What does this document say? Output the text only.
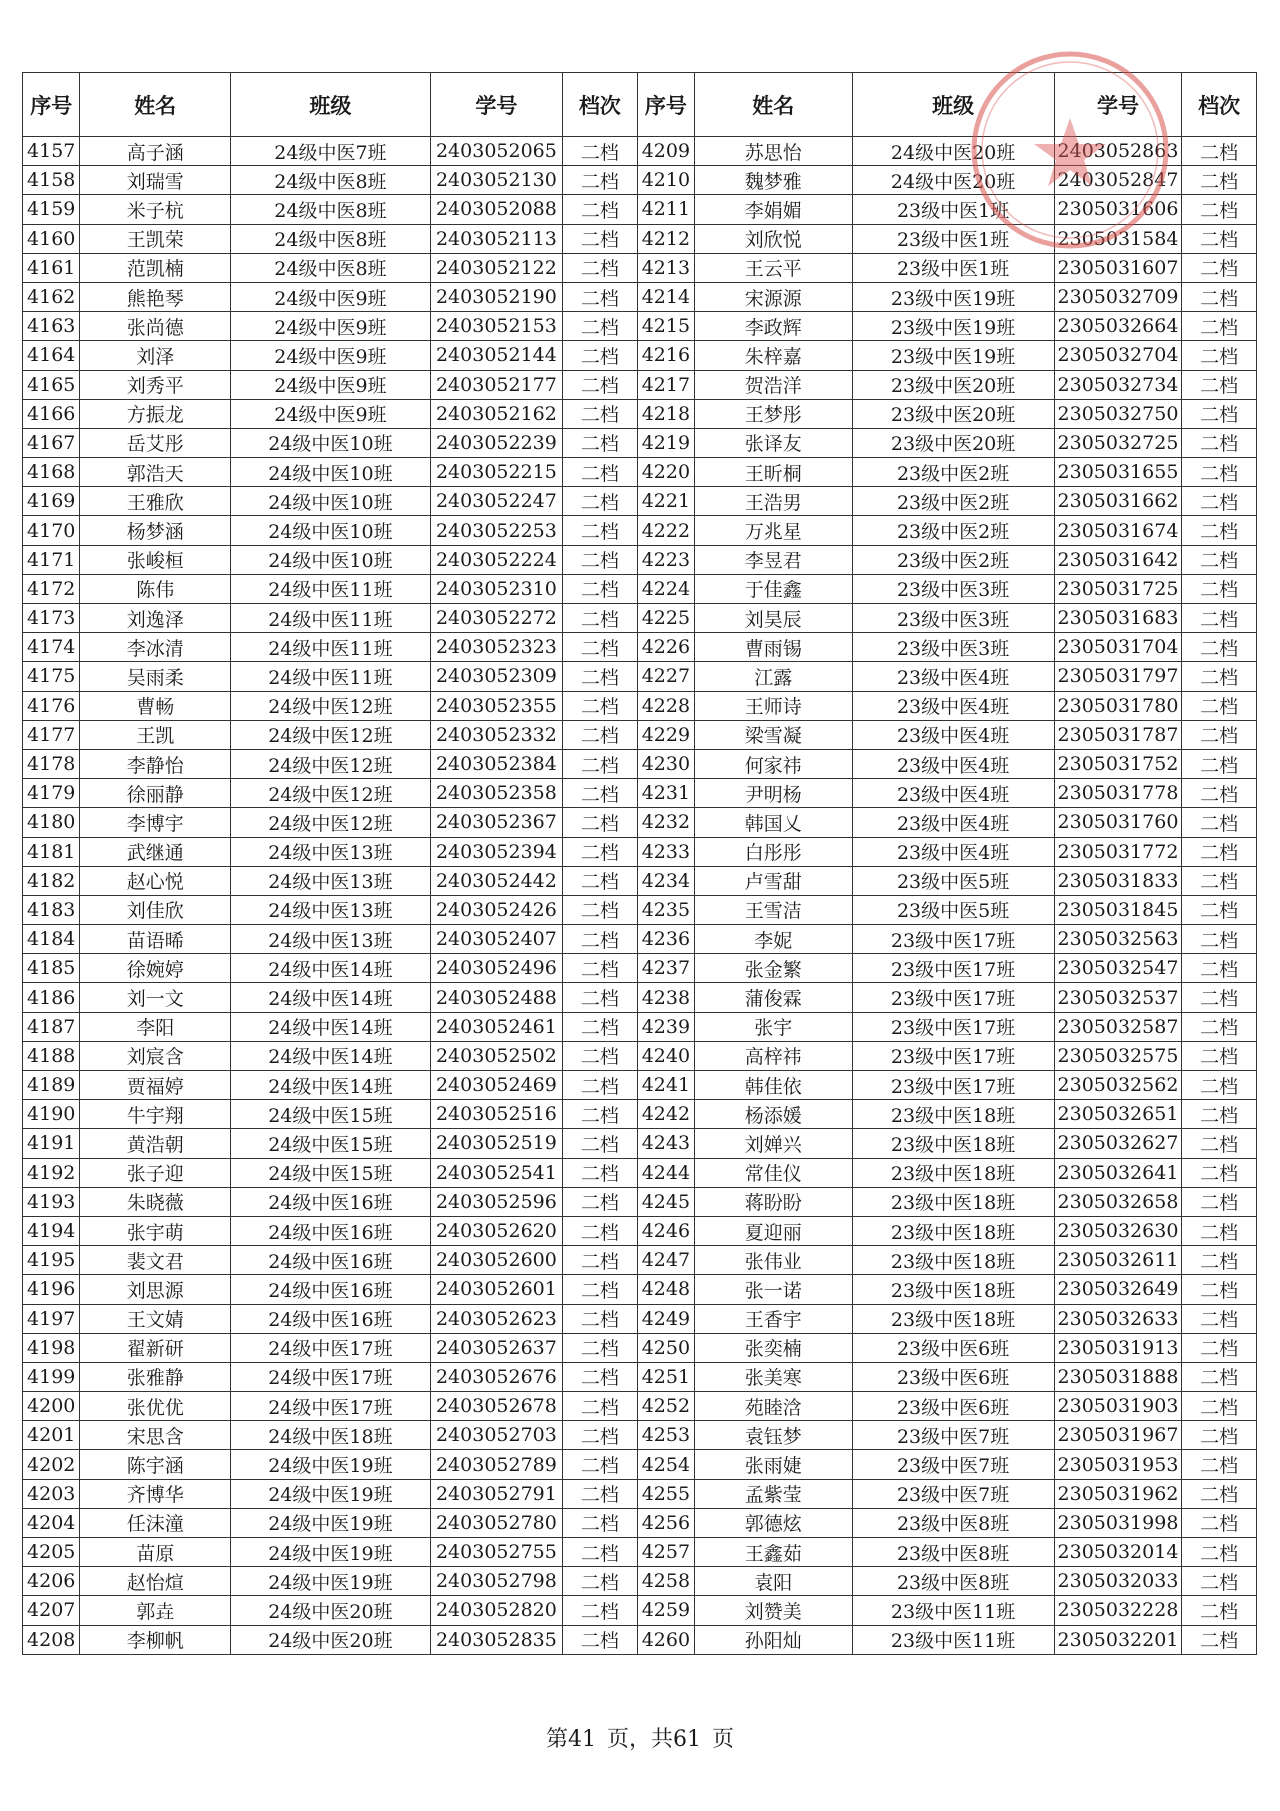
序号	姓名	班级	学号	档次	序号	姓名	班级	学号	档次
4157	高子涵	24级中医7班	2403052065	二档	4209	苏思怡	24级中医20班	2403052863	二档
4158	刘瑞雪	24级中医8班	2403052130	二档	4210	魏梦雅	24级中医20班	2403052847	二档
4159	米子杭	24级中医8班	2403052088	二档	4211	李娟媚	23级中医1班	2305031606	二档
4160	王凯荣	24级中医8班	2403052113	二档	4212	刘欣悦	23级中医1班	2305031584	二档
4161	范凯楠	24级中医8班	2403052122	二档	4213	王云平	23级中医1班	2305031607	二档
4162	熊艳琴	24级中医9班	2403052190	二档	4214	宋源源	23级中医19班	2305032709	二档
4163	张尚德	24级中医9班	2403052153	二档	4215	李政辉	23级中医19班	2305032664	二档
4164	刘泽	24级中医9班	2403052144	二档	4216	朱梓嘉	23级中医19班	2305032704	二档
4165	刘秀平	24级中医9班	2403052177	二档	4217	贺浩洋	23级中医20班	2305032734	二档
4166	方振龙	24级中医9班	2403052162	二档	4218	王梦彤	23级中医20班	2305032750	二档
4167	岳艾彤	24级中医10班	2403052239	二档	4219	张译友	23级中医20班	2305032725	二档
4168	郭浩天	24级中医10班	2403052215	二档	4220	王昕桐	23级中医2班	2305031655	二档
4169	王雅欣	24级中医10班	2403052247	二档	4221	王浩男	23级中医2班	2305031662	二档
4170	杨梦涵	24级中医10班	2403052253	二档	4222	万兆星	23级中医2班	2305031674	二档
4171	张峻桓	24级中医10班	2403052224	二档	4223	李昱君	23级中医2班	2305031642	二档
4172	陈伟	24级中医11班	2403052310	二档	4224	于佳鑫	23级中医3班	2305031725	二档
4173	刘逸泽	24级中医11班	2403052272	二档	4225	刘昊辰	23级中医3班	2305031683	二档
4174	李冰清	24级中医11班	2403052323	二档	4226	曹雨锡	23级中医3班	2305031704	二档
4175	吴雨柔	24级中医11班	2403052309	二档	4227	江露	23级中医4班	2305031797	二档
4176	曹畅	24级中医12班	2403052355	二档	4228	王师诗	23级中医4班	2305031780	二档
4177	王凯	24级中医12班	2403052332	二档	4229	梁雪凝	23级中医4班	2305031787	二档
4178	李静怡	24级中医12班	2403052384	二档	4230	何家祎	23级中医4班	2305031752	二档
4179	徐丽静	24级中医12班	2403052358	二档	4231	尹明杨	23级中医4班	2305031778	二档
4180	李博宇	24级中医12班	2403052367	二档	4232	韩国乂	23级中医4班	2305031760	二档
4181	武继通	24级中医13班	2403052394	二档	4233	白彤彤	23级中医4班	2305031772	二档
4182	赵心悦	24级中医13班	2403052442	二档	4234	卢雪甜	23级中医5班	2305031833	二档
4183	刘佳欣	24级中医13班	2403052426	二档	4235	王雪洁	23级中医5班	2305031845	二档
4184	苗语晞	24级中医13班	2403052407	二档	4236	李妮	23级中医17班	2305032563	二档
4185	徐婉婷	24级中医14班	2403052496	二档	4237	张金繁	23级中医17班	2305032547	二档
4186	刘一文	24级中医14班	2403052488	二档	4238	蒲俊霖	23级中医17班	2305032537	二档
4187	李阳	24级中医14班	2403052461	二档	4239	张宇	23级中医17班	2305032587	二档
4188	刘宸含	24级中医14班	2403052502	二档	4240	高梓祎	23级中医17班	2305032575	二档
4189	贾福婷	24级中医14班	2403052469	二档	4241	韩佳依	23级中医17班	2305032562	二档
4190	牛宇翔	24级中医15班	2403052516	二档	4242	杨添媛	23级中医18班	2305032651	二档
4191	黄浩朝	24级中医15班	2403052519	二档	4243	刘婵兴	23级中医18班	2305032627	二档
4192	张子迎	24级中医15班	2403052541	二档	4244	常佳仪	23级中医18班	2305032641	二档
4193	朱晓薇	24级中医16班	2403052596	二档	4245	蒋盼盼	23级中医18班	2305032658	二档
4194	张宇萌	24级中医16班	2403052620	二档	4246	夏迎丽	23级中医18班	2305032630	二档
4195	裴文君	24级中医16班	2403052600	二档	4247	张伟业	23级中医18班	2305032611	二档
4196	刘思源	24级中医16班	2403052601	二档	4248	张一诺	23级中医18班	2305032649	二档
4197	王文婧	24级中医16班	2403052623	二档	4249	王香宇	23级中医18班	2305032633	二档
4198	翟新研	24级中医17班	2403052637	二档	4250	张奕楠	23级中医6班	2305031913	二档
4199	张雅静	24级中医17班	2403052676	二档	4251	张美寒	23级中医6班	2305031888	二档
4200	张优优	24级中医17班	2403052678	二档	4252	苑睦浛	23级中医6班	2305031903	二档
4201	宋思含	24级中医18班	2403052703	二档	4253	袁钰梦	23级中医7班	2305031967	二档
4202	陈宇涵	24级中医19班	2403052789	二档	4254	张雨婕	23级中医7班	2305031953	二档
4203	齐博华	24级中医19班	2403052791	二档	4255	孟紫莹	23级中医7班	2305031962	二档
4204	任沫潼	24级中医19班	2403052780	二档	4256	郭德炫	23级中医8班	2305031998	二档
4205	苗原	24级中医19班	2403052755	二档	4257	王鑫茹	23级中医8班	2305032014	二档
4206	赵怡煊	24级中医19班	2403052798	二档	4258	袁阳	23级中医8班	2305032033	二档
4207	郭垚	24级中医20班	2403052820	二档	4259	刘赞美	23级中医11班	2305032228	二档
4208	李柳帆	24级中医20班	2403052835	二档	4260	孙阳灿	23级中医11班	2305032201	二档
第41 页，共61 页
